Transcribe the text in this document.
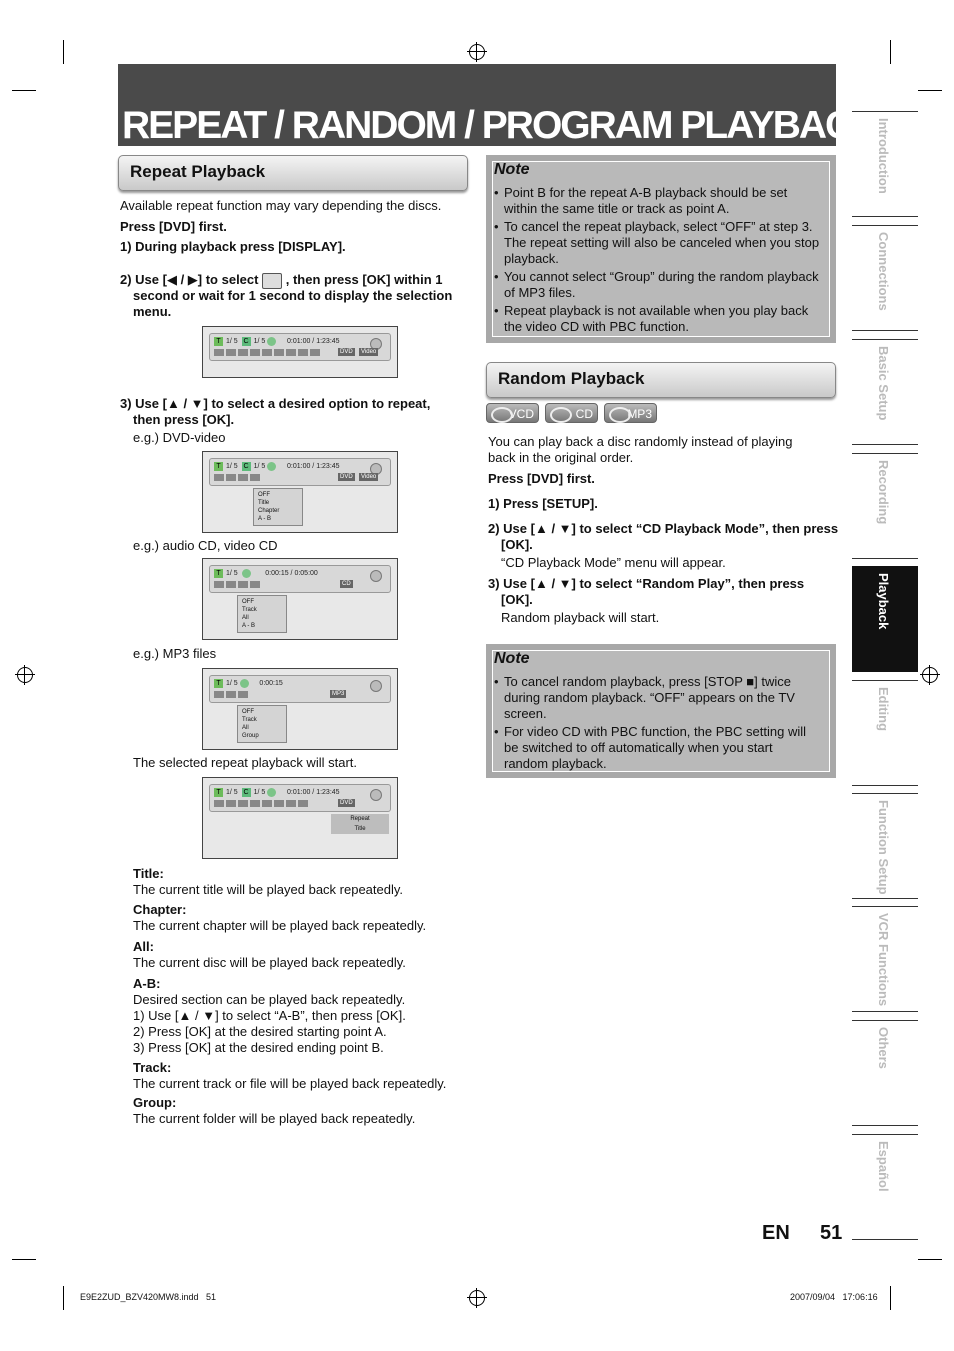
REPEAT / RANDOM / PROGRAM PLAYBACK
Repeat Playback
Available repeat function may vary depending the discs.
Press [DVD] first.
1) During playback press [DISPLAY].
2) Use [◀ / ▶] to select , then press [OK] within 1
second or wait for 1 second to display the selection
menu.
T 1/ 5 C 1/ 5	0:01:00 / 1:23:45
DVD	Video
3) Use [▲ / ▼] to select a desired option to repeat,
then press [OK].
e.g.) DVD-video
T 1/ 5 C 1/ 5	0:01:00 / 1:23:45
DVD	Video
OFF
Title
Chapter
A - B
e.g.) audio CD, video CD
T 1/ 5	0:00:15 / 0:05:00
CD
OFF
Track
All
A - B
e.g.) MP3 files
T 1/ 5	0:00:15
MP3
OFF
Track
All
Group
The selected repeat playback will start.
T 1/ 5 C 1/ 5	0:01:00 / 1:23:45
DVD
Repeat
Title
Title:
The current title will be played back repeatedly.
Chapter:
The current chapter will be played back repeatedly.
All:
The current disc will be played back repeatedly.
A-B:
Desired section can be played back repeatedly.
1) Use [▲ / ▼] to select “A-B”, then press [OK].
2) Press [OK] at the desired starting point A.
3) Press [OK] at the desired ending point B.
Track:
The current track or file will be played back repeatedly.
Group:
The current folder will be played back repeatedly.
Note
• Point B for the repeat A-B playback should be set within the same title or track as point A.
• To cancel the repeat playback, select “OFF” at step 3. The repeat setting will also be canceled when you stop playback.
• You cannot select “Group” during the random playback of MP3 files.
• Repeat playback is not available when you play back the video CD with PBC function.
Random Playback
VCD	CD	MP3
You can play back a disc randomly instead of playing
back in the original order.
Press [DVD] first.
1) Press [SETUP].
2) Use [▲ / ▼] to select “CD Playback Mode”, then press
[OK].
“CD Playback Mode” menu will appear.
3) Use [▲ / ▼] to select “Random Play”, then press
[OK].
Random playback will start.
Note
• To cancel random playback, press [STOP ■] twice during random playback. “OFF” appears on the TV screen.
• For video CD with PBC function, the PBC setting will be switched to off automatically when you start random playback.
Introduction
Connections
Basic Setup
Recording
Playback
Editing
Function Setup
VCR Functions
Others
Español
EN 51
E9E2ZUD_BZV420MW8.indd   51	2007/09/04   17:06:16
